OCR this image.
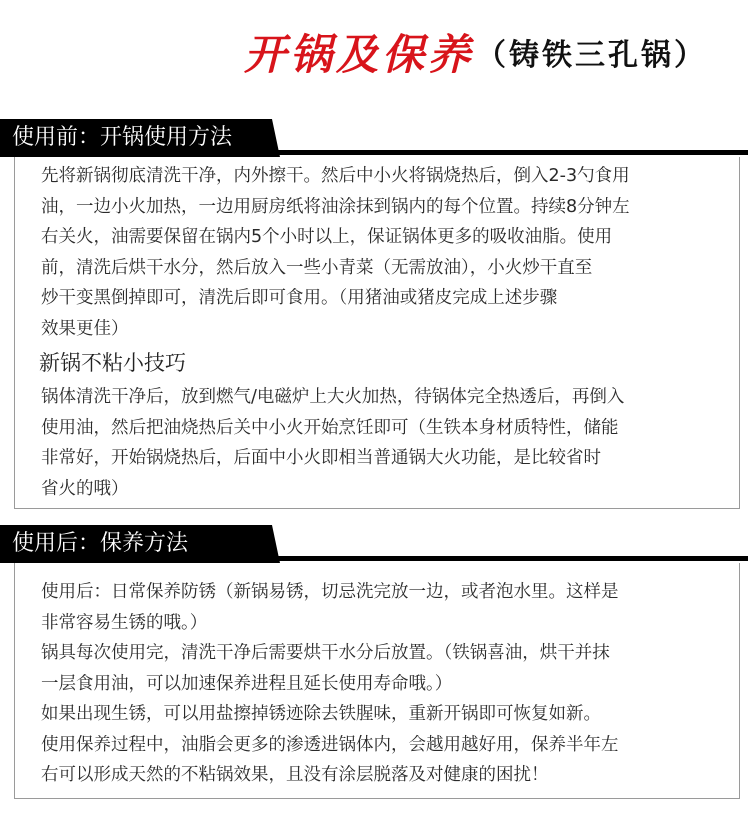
开锅及保养（铸铁三孔锅）
使用前：开锅使用方法

先将新锅彻底清洗干净，内外擦干。然后中小火将锅烧热后，倒入2-3勺食用

油，一边小火加热，一边用厨房纸将油涂抹到锅内的每个位置。持续8分钟左

右关火，油需要保留在锅内5个小时以上，保证锅体更多的吸收油脂。使用

前，清洗后烘干水分，然后放入一些小青菜（无需放油），小火炒干直至

炒干变黑倒掉即可，清洗后即可食用。（用猪油或猪皮完成上述步骤

效果更佳）

新锅不粘小技巧

锅体清洗干净后，放到燃气/电磁炉上大火加热，待锅体完全热透后，再倒入

使用油，然后把油烧热后关中小火开始烹饪即可（生铁本身材质特性，储能

非常好，开始锅烧热后，后面中小火即相当普通锅大火功能，是比较省时

省火的哦）

使用后：保养方法

使用后：日常保养防锈（新锅易锈，切忌洗完放一边，或者泡水里。这样是

非常容易生锈的哦。）

锅具每次使用完，清洗干净后需要烘干水分后放置。（铁锅喜油，烘干并抹

一层食用油，可以加速保养进程且延长使用寿命哦。）

如果出现生锈，可以用盐擦掉锈迹除去铁腥味，重新开锅即可恢复如新。

使用保养过程中，油脂会更多的渗透进锅体内，会越用越好用，保养半年左

右可以形成天然的不粘锅效果，且没有涂层脱落及对健康的困扰！
